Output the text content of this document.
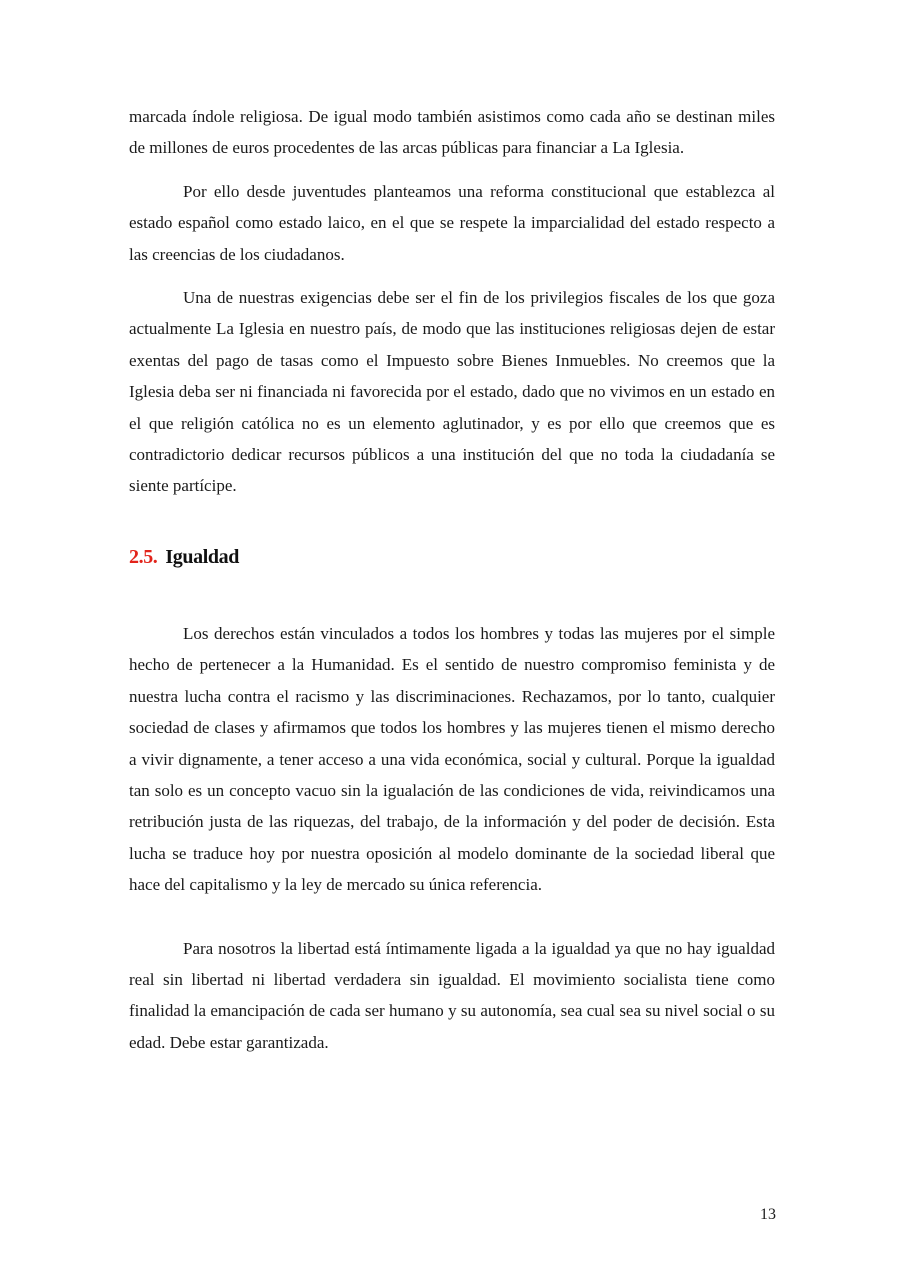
marcada índole religiosa. De igual modo también asistimos como cada año se destinan miles de millones de euros procedentes de las arcas públicas para financiar a La Iglesia.

Por ello desde juventudes planteamos una reforma constitucional que establezca al estado español como estado laico, en el que se respete la imparcialidad del estado respecto a las creencias de los ciudadanos.

Una de nuestras exigencias debe ser el fin de los privilegios fiscales de los que goza actualmente La Iglesia en nuestro país, de modo que las instituciones religiosas dejen de estar exentas del pago de tasas como el Impuesto sobre Bienes Inmuebles. No creemos que la Iglesia deba ser ni financiada ni favorecida por el estado, dado que no vivimos en un estado en el que religión católica no es un elemento aglutinador, y es por ello que creemos que es contradictorio dedicar recursos públicos a una institución del que no toda la ciudadanía se siente partícipe.

2.5. Igualdad

Los derechos están vinculados a todos los hombres y todas las mujeres por el simple hecho de pertenecer a la Humanidad. Es el sentido de nuestro compromiso feminista y de nuestra lucha contra el racismo y las discriminaciones. Rechazamos, por lo tanto, cualquier sociedad de clases y afirmamos que todos los hombres y las mujeres tienen el mismo derecho a vivir dignamente, a tener acceso a una vida económica, social y cultural. Porque la igualdad tan solo es un concepto vacuo sin la igualación de las condiciones de vida, reivindicamos una retribución justa de las riquezas, del trabajo, de la información y del poder de decisión. Esta lucha se traduce hoy por nuestra oposición al modelo dominante de la sociedad liberal que hace del capitalismo y la ley de mercado su única referencia.

Para nosotros la libertad está íntimamente ligada a la igualdad ya que no hay igualdad real sin libertad ni libertad verdadera sin igualdad. El movimiento socialista tiene como finalidad la emancipación de cada ser humano y su autonomía, sea cual sea su nivel social o su edad. Debe estar garantizada.

13
